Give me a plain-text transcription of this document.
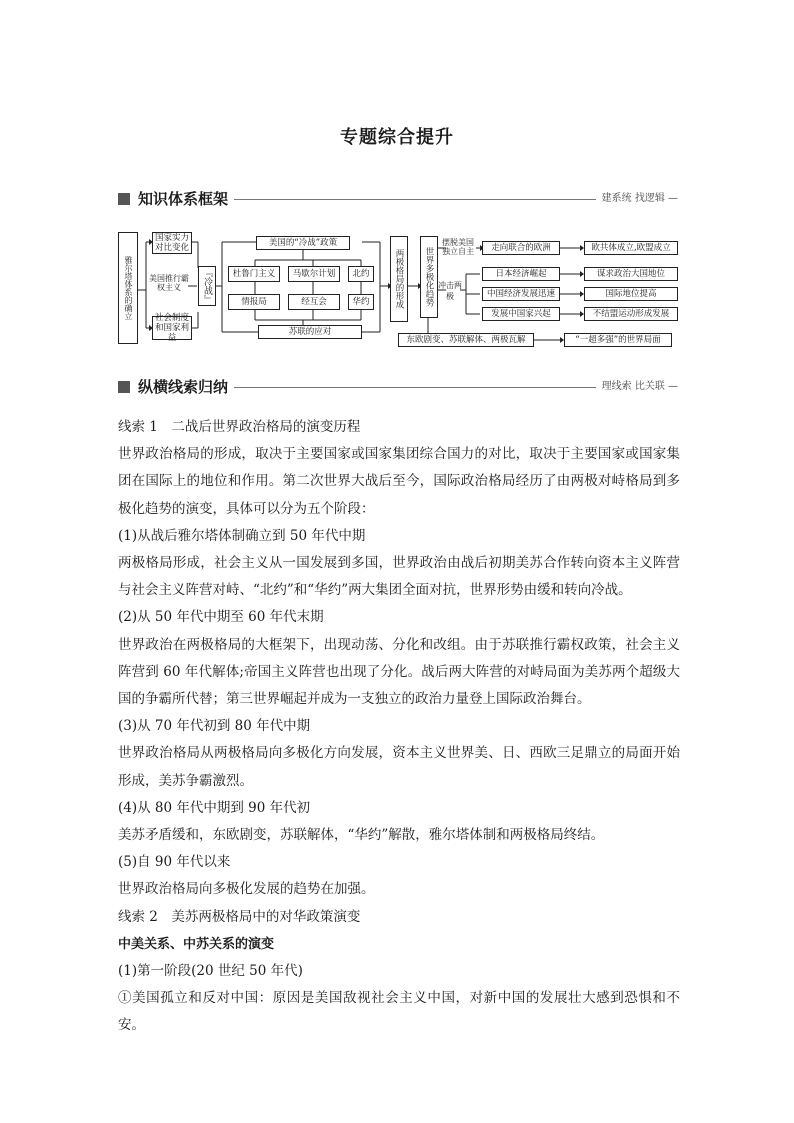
专题综合提升
知识体系框架	建系统 找逻辑 —
雅尔塔体系的确立
国家实力对比变化
美国推行霸权主义
社会制度和国家利益
『冷战』
美国的“冷战”政策
杜鲁门主义	马歇尔计划	北约
情报局	经互会	华约
苏联的应对
两极格局的形成	世界多极化趋势
摆脱美国独立自主
冲击两极
走向联合的欧洲	欧共体成立,欧盟成立
日本经济崛起	谋求政治大国地位
中国经济发展迅速	国际地位提高
发展中国家兴起	不结盟运动形成发展
东欧剧变、苏联解体、两极瓦解	“一超多强”的世界局面
纵横线索归纳	理线索 比关联 —

线索 1　二战后世界政治格局的演变历程

世界政治格局的形成，取决于主要国家或国家集团综合国力的对比，取决于主要国家或国家集团在国际上的地位和作用。第二次世界大战后至今，国际政治格局经历了由两极对峙格局到多极化趋势的演变，具体可以分为五个阶段：

(1)从战后雅尔塔体制确立到 50 年代中期

两极格局形成，社会主义从一国发展到多国，世界政治由战后初期美苏合作转向资本主义阵营与社会主义阵营对峙、“北约”和“华约”两大集团全面对抗，世界形势由缓和转向冷战。

(2)从 50 年代中期至 60 年代末期

世界政治在两极格局的大框架下，出现动荡、分化和改组。由于苏联推行霸权政策，社会主义阵营到 60 年代解体;帝国主义阵营也出现了分化。战后两大阵营的对峙局面为美苏两个超级大国的争霸所代替；第三世界崛起并成为一支独立的政治力量登上国际政治舞台。

(3)从 70 年代初到 80 年代中期

世界政治格局从两极格局向多极化方向发展，资本主义世界美、日、西欧三足鼎立的局面开始形成，美苏争霸激烈。

(4)从 80 年代中期到 90 年代初

美苏矛盾缓和，东欧剧变，苏联解体，“华约”解散，雅尔塔体制和两极格局终结。

(5)自 90 年代以来

世界政治格局向多极化发展的趋势在加强。

线索 2　美苏两极格局中的对华政策演变

中美关系、中苏关系的演变

(1)第一阶段(20 世纪 50 年代)

①美国孤立和反对中国：原因是美国敌视社会主义中国，对新中国的发展壮大感到恐惧和不安。
